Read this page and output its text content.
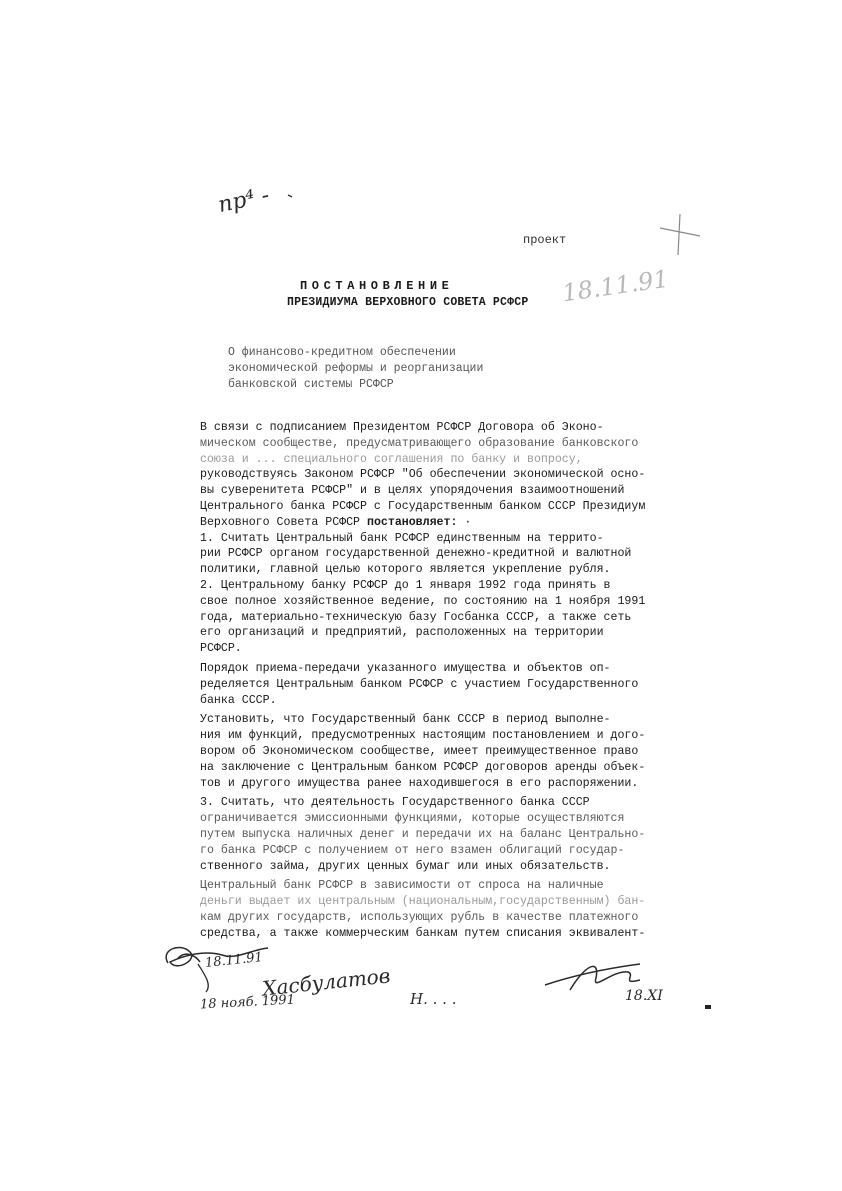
пр⁴ -
проект
18.11.91
ПОСТАНОВЛЕНИЕ
ПРЕЗИДИУМА ВЕРХОВНОГО СОВЕТА РСФСР
О финансово-кредитном обеспечении
экономической реформы и реорганизации
банковской системы РСФСР
В связи с подписанием Президентом РСФСР Договора об Эконо-
мическом сообществе, предусматривающего образование банковского
союза и ... специального соглашения по банку и вопросу,
руководствуясь Законом РСФСР "Об обеспечении экономической осно-
вы суверенитета РСФСР" и в целях упорядочения взаимоотношений
Центрального банка РСФСР с Государственным банком СССР Президиум
Верховного Совета РСФСР постановляет: ·
1. Считать Центральный банк РСФСР единственным на террито-
рии РСФСР органом государственной денежно-кредитной и валютной
политики, главной целью которого является укрепление рубля.
2. Центральному банку РСФСР до 1 января 1992 года принять в
свое полное хозяйственное ведение, по состоянию на 1 ноября 1991
года, материально-техническую базу Госбанка СССР, а также сеть
его организаций и предприятий, расположенных на территории
РСФСР.
Порядок приема-передачи указанного имущества и объектов оп-
ределяется Центральным банком РСФСР с участием Государственного
банка СССР.
Установить, что Государственный банк СССР в период выполне-
ния им функций, предусмотренных настоящим постановлением и дого-
вором об Экономическом сообществе, имеет преимущественное право
на заключение с Центральным банком РСФСР договоров аренды объек-
тов и другого имущества ранее находившегося в его распоряжении.
3. Считать, что деятельность Государственного банка СССР
ограничивается эмиссионными функциями, которые осуществляются
путем выпуска наличных денег и передачи их на баланс Центрально-
го банка РСФСР с получением от него взамен облигаций государ-
ственного займа, других ценных бумаг или иных обязательств.
Центральный банк РСФСР в зависимости от спроса на наличные
деньги выдает их центральным (национальным,государственным) бан-
кам других государств, использующих рубль в качестве платежного
средства, а также коммерческим банкам путем списания эквивалент-
18.11.91
Хасбулатов
18 нояб. 1991	Н. . . .	18.XI
